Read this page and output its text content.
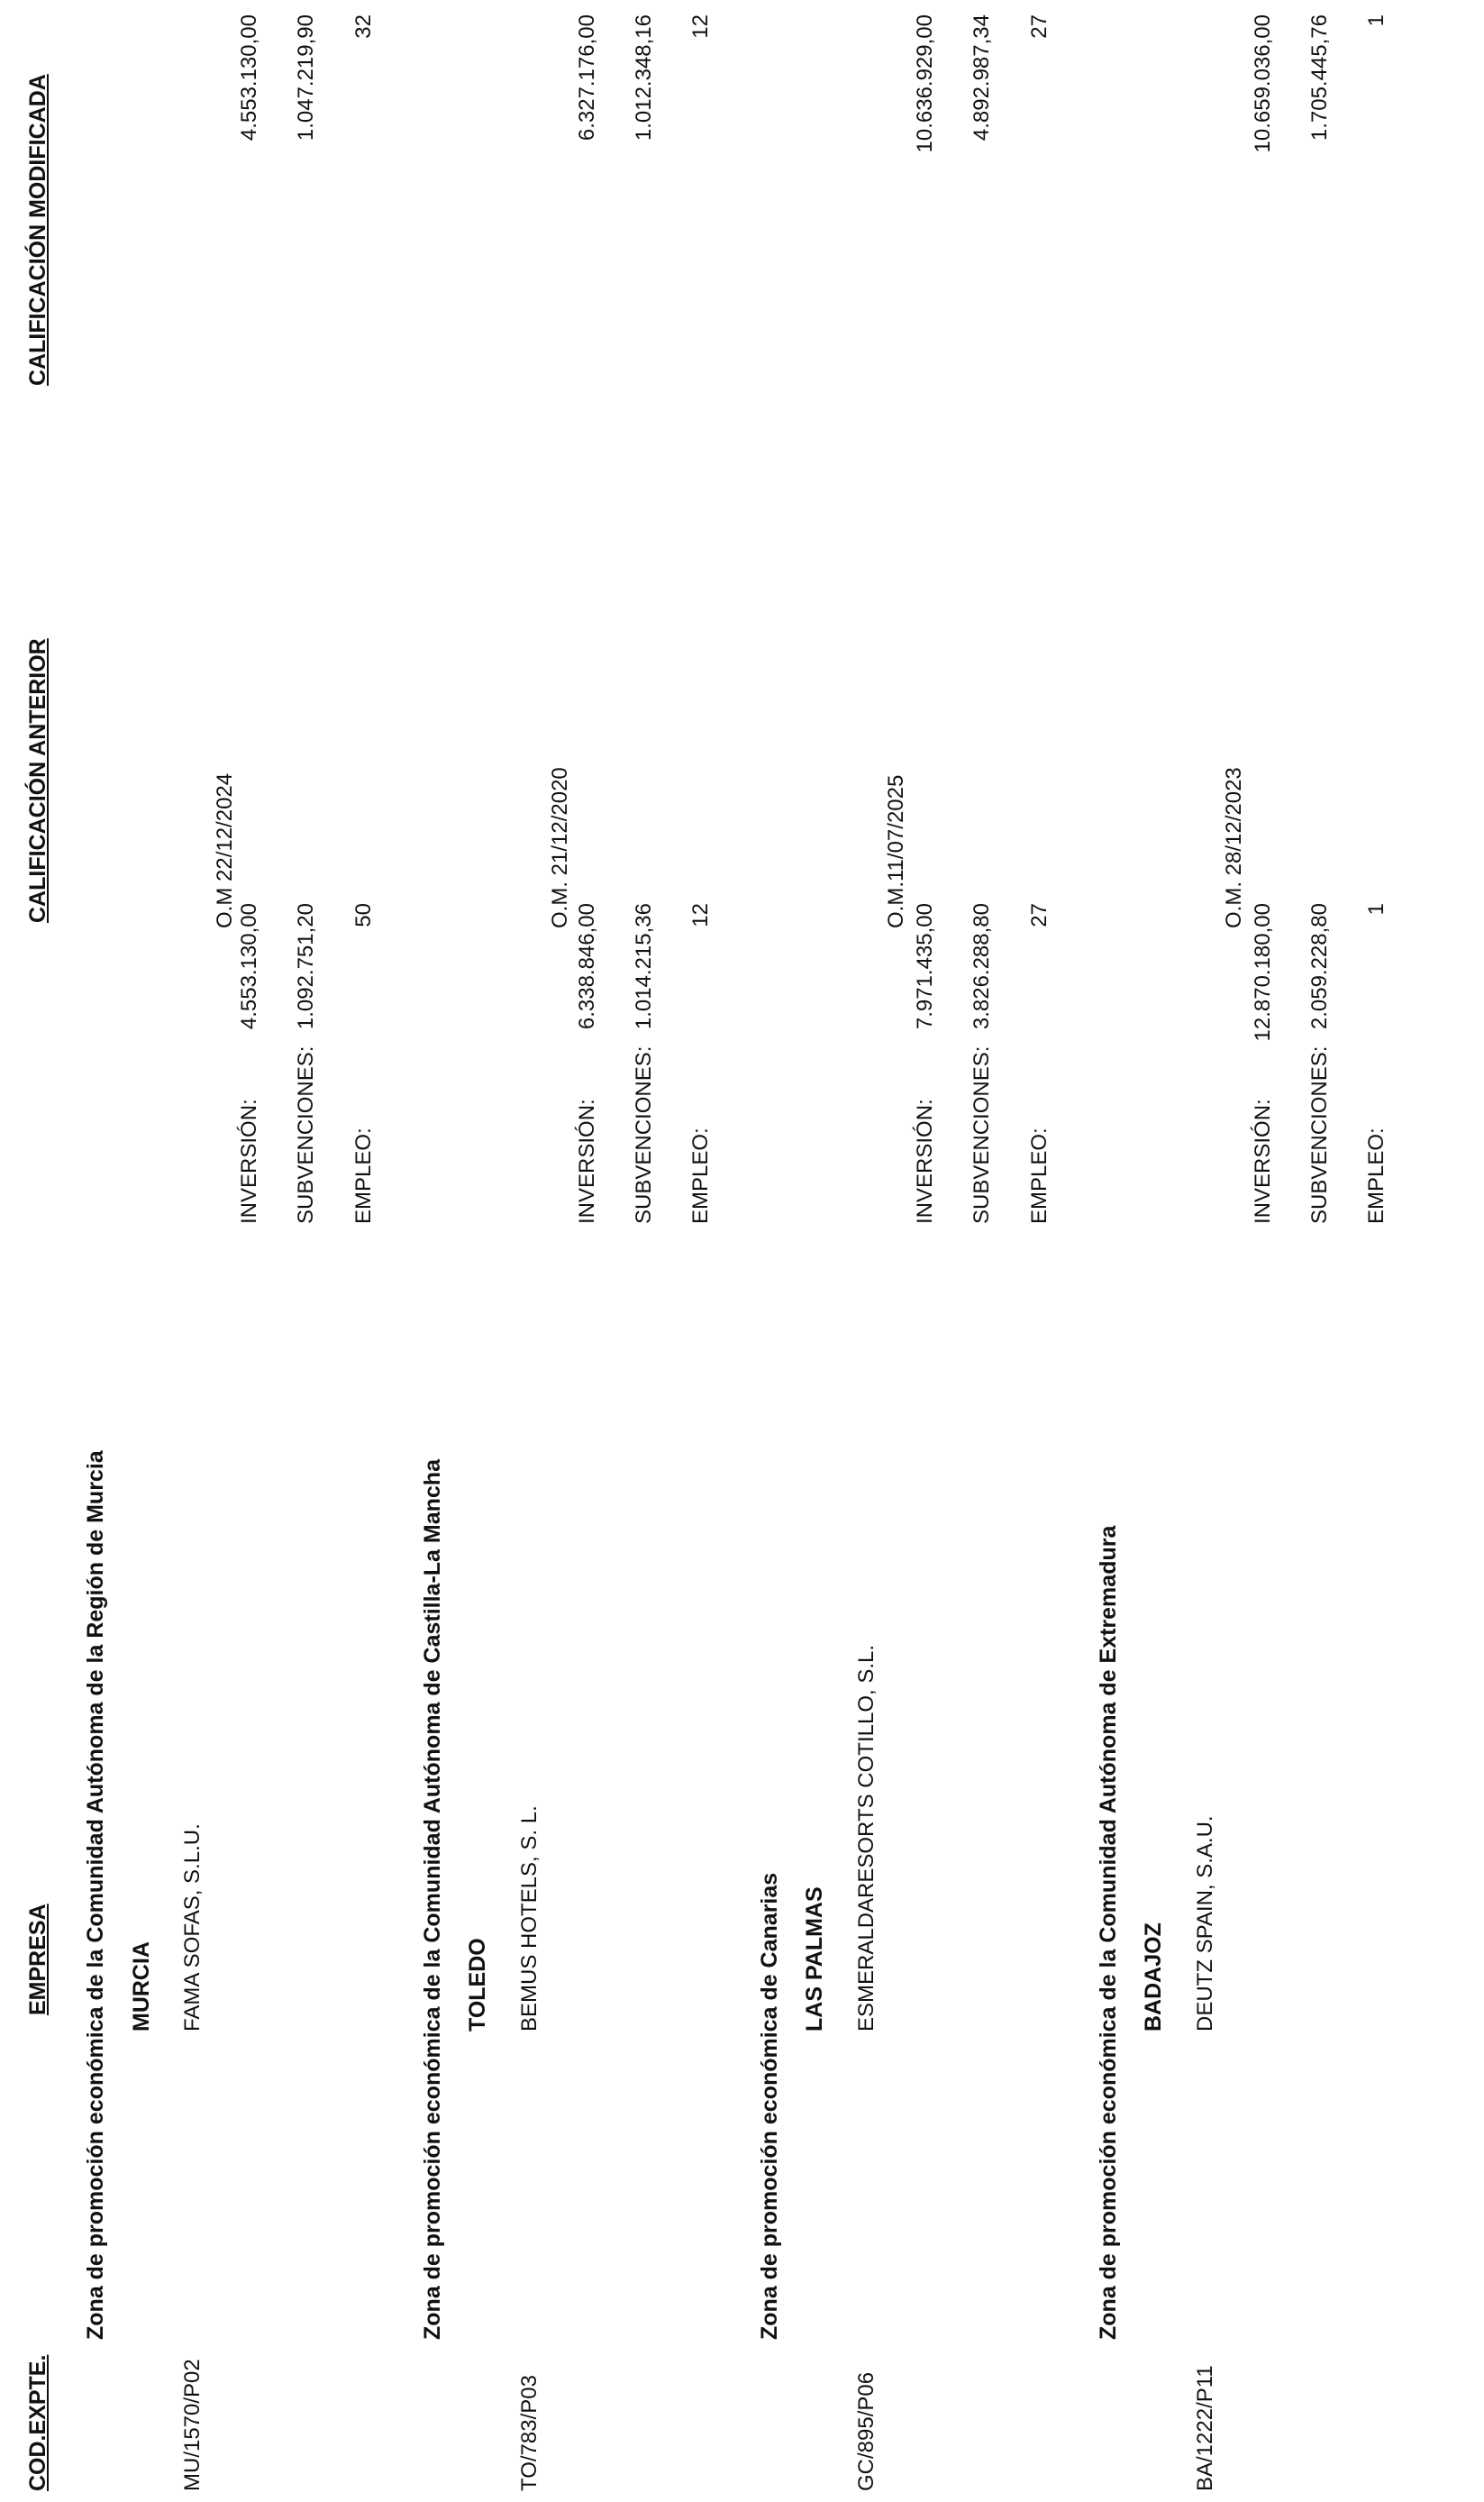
COD.EXPTE.
EMPRESA
CALIFICACIÓN ANTERIOR
CALIFICACIÓN MODIFICADA
Zona de promoción económica de la Comunidad Autónoma de la Región de Murcia MURCIA
MU/1570/P02
FAMA SOFAS, S.L.U.
O.M 22/12/2024
INVERSIÓN: SUBVENCIONES: EMPLEO:
4.553.130,00 1.092.751,20 50
4.553.130,00 1.047.219,90 32
Zona de promoción económica de la Comunidad Autónoma de Castilla-La Mancha TOLEDO
TO/783/P03
BEMUS HOTELS, S. L.
O.M. 21/12/2020
INVERSIÓN: SUBVENCIONES: EMPLEO:
6.338.846,00 1.014.215,36 12
6.327.176,00 1.012.348,16 12
Zona de promoción económica de Canarias LAS PALMAS
GC/895/P06
ESMERALDARESORTS COTILLO, S.L.
O.M.11/07/2025
INVERSIÓN: SUBVENCIONES: EMPLEO:
7.971.435,00 3.826.288,80 27
10.636.929,00 4.892.987,34 27
Zona de promoción económica de la Comunidad Autónoma de Extremadura BADAJOZ
BA/1222/P11
DEUTZ SPAIN, S.A.U.
O.M. 28/12/2023
INVERSIÓN: SUBVENCIONES: EMPLEO:
12.870.180,00 2.059.228,80 1
10.659.036,00 1.705.445,76 1
